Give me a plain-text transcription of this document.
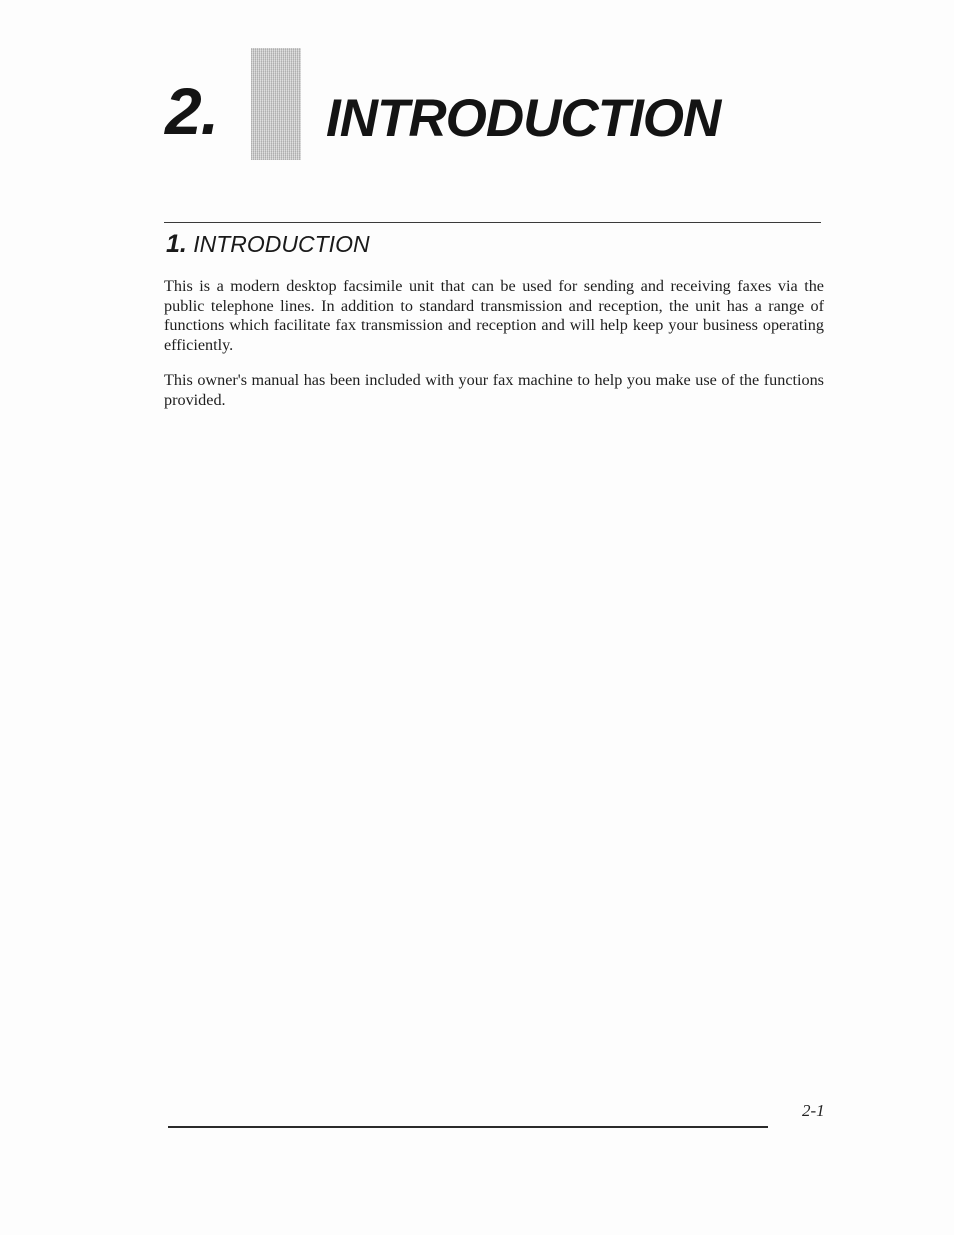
2. INTRODUCTION
1. INTRODUCTION

This is a modern desktop facsimile unit that can be used for sending and receiving faxes via the public telephone lines. In addition to standard transmission and reception, the unit has a range of functions which facilitate fax transmission and reception and will help keep your business operating efficiently.

This owner's manual has been included with your fax machine to help you make use of the functions provided.

2-1
